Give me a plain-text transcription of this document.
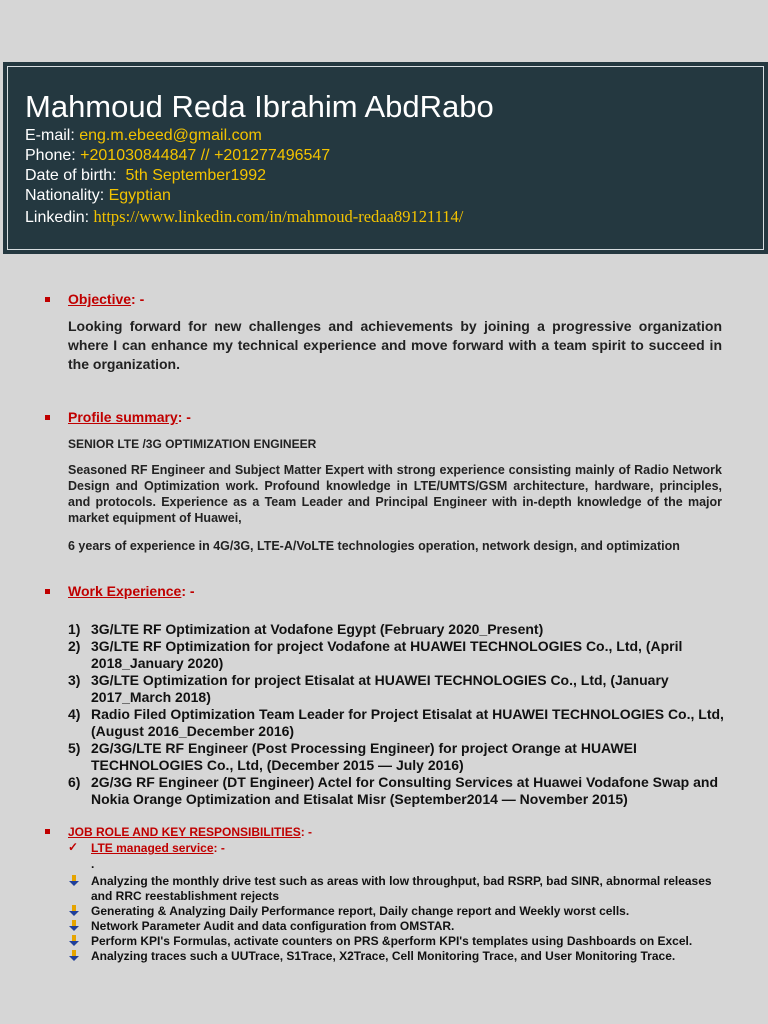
Mahmoud Reda Ibrahim AbdRabo
E-mail: eng.m.ebeed@gmail.com
Phone: +201030844847 // +201277496547
Date of birth:  5th September1992
Nationality: Egyptian
Linkedin: https://www.linkedin.com/in/mahmoud-redaa89121114/
Objective: -
Looking forward for new challenges and achievements by joining a progressive organization where I can enhance my technical experience and move forward with a team spirit to succeed in the organization.
Profile summary: -
SENIOR LTE /3G OPTIMIZATION ENGINEER
Seasoned RF Engineer and Subject Matter Expert with strong experience consisting mainly of Radio Network Design and Optimization work. Profound knowledge in LTE/UMTS/GSM architecture, hardware, principles, and protocols. Experience as a Team Leader and Principal Engineer with in-depth knowledge of the major market equipment of Huawei,
6 years of experience in 4G/3G, LTE-A/VoLTE technologies operation, network design, and optimization
Work Experience: -
1) 3G/LTE RF Optimization at Vodafone Egypt (February 2020_Present)
2) 3G/LTE RF Optimization for project Vodafone at HUAWEI TECHNOLOGIES Co., Ltd, (April 2018_January 2020)
3) 3G/LTE Optimization for project Etisalat at HUAWEI TECHNOLOGIES Co., Ltd, (January 2017_March 2018)
4) Radio Filed Optimization Team Leader for Project Etisalat at HUAWEI TECHNOLOGIES Co., Ltd, (August 2016_December 2016)
5) 2G/3G/LTE RF Engineer (Post Processing Engineer) for project Orange at HUAWEI TECHNOLOGIES Co., Ltd, (December 2015 — July 2016)
6) 2G/3G RF Engineer (DT Engineer) Actel for Consulting Services at Huawei Vodafone Swap and Nokia Orange Optimization and Etisalat Misr (September2014 — November 2015)
JOB ROLE AND KEY RESPONSIBILITIES: -
✓ LTE managed service: -
.
Analyzing the monthly drive test such as areas with low throughput, bad RSRP, bad SINR, abnormal releases and RRC reestablishment rejects
Generating & Analyzing Daily Performance report, Daily change report and Weekly worst cells.
Network Parameter Audit and data configuration from OMSTAR.
Perform KPI's Formulas, activate counters on PRS &perform KPI's templates using Dashboards on Excel.
Analyzing traces such a UUTrace, S1Trace, X2Trace, Cell Monitoring Trace, and User Monitoring Trace.
